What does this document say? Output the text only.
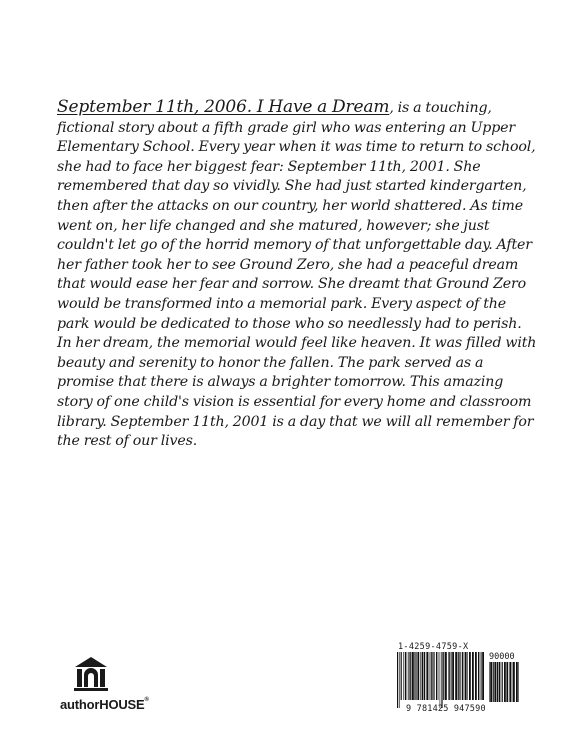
September 11th, 2006. I Have a Dream, is a touching, fictional story about a fifth grade girl who was entering an Upper Elementary School. Every year when it was time to return to school, she had to face her biggest fear: September 11th, 2001. She remembered that day so vividly. She had just started kindergarten, then after the attacks on our country, her world shattered. As time went on, her life changed and she matured, however; she just couldn't let go of the horrid memory of that unforgettable day. After her father took her to see Ground Zero, she had a peaceful dream that would ease her fear and sorrow. She dreamt that Ground Zero would be transformed into a memorial park. Every aspect of the park would be dedicated to those who so needlessly had to perish. In her dream, the memorial would feel like heaven. It was filled with beauty and serenity to honor the fallen. The park served as a promise that there is always a brighter tomorrow. This amazing story of one child's vision is essential for every home and classroom library. September 11th, 2001 is a day that we will all remember for the rest of our lives.
authorHOUSE®
1-4259-4759-X
90000
9 781425 947590
